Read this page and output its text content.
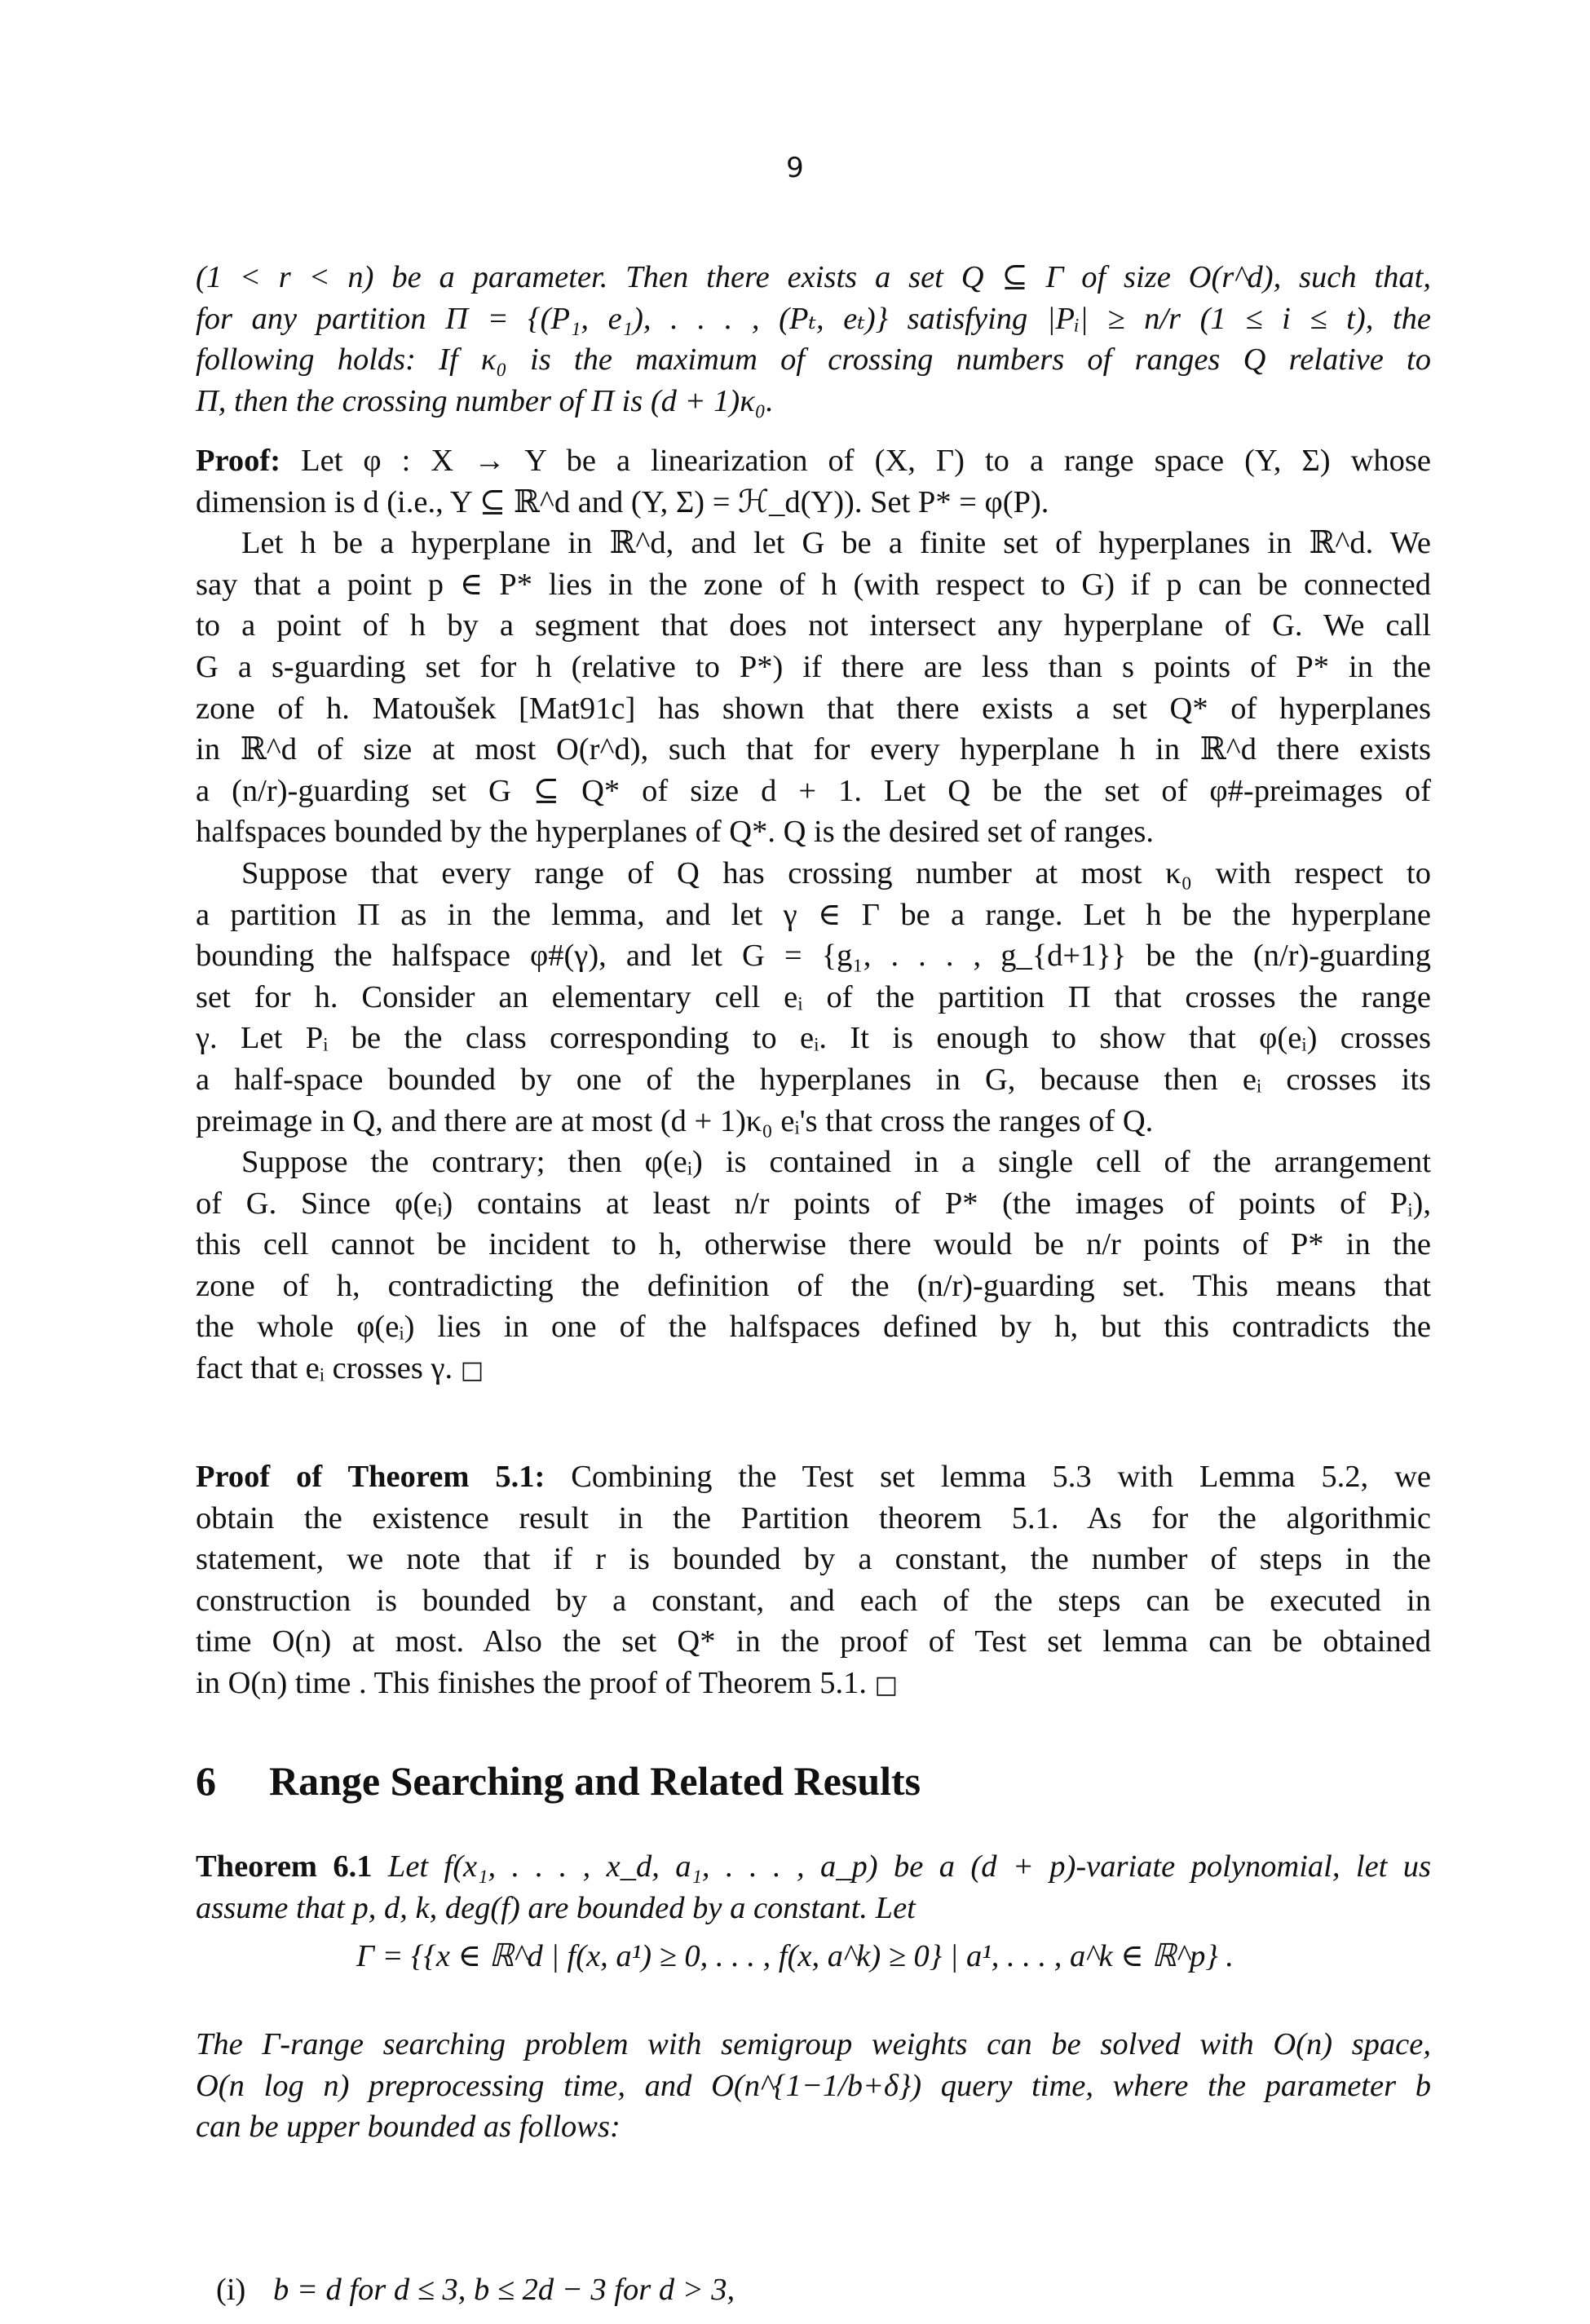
9
(1 < r < n) be a parameter. Then there exists a set Q ⊆ Γ of size O(r^d), such that,
for any partition Π = {(P₁, e₁), . . . , (Pₜ, eₜ)} satisfying |Pᵢ| ≥ n/r (1 ≤ i ≤ t), the
following holds: If κ₀ is the maximum of crossing numbers of ranges Q relative to
Π, then the crossing number of Π is (d + 1)κ₀.
Proof: Let φ : X → Y be a linearization of (X, Γ) to a range space (Y, Σ) whose
dimension is d (i.e., Y ⊆ ℝ^d and (Y, Σ) = ℋ_d(Y)). Set P* = φ(P).
Let h be a hyperplane in ℝ^d, and let G be a finite set of hyperplanes in ℝ^d. We
say that a point p ∈ P* lies in the zone of h (with respect to G) if p can be connected
to a point of h by a segment that does not intersect any hyperplane of G. We call
G a s-guarding set for h (relative to P*) if there are less than s points of P* in the
zone of h. Matoušek [Mat91c] has shown that there exists a set Q* of hyperplanes
in ℝ^d of size at most O(r^d), such that for every hyperplane h in ℝ^d there exists
a (n/r)-guarding set G ⊆ Q* of size d + 1. Let Q be the set of φ#-preimages of
halfspaces bounded by the hyperplanes of Q*. Q is the desired set of ranges.
Suppose that every range of Q has crossing number at most κ₀ with respect to
a partition Π as in the lemma, and let γ ∈ Γ be a range. Let h be the hyperplane
bounding the halfspace φ#(γ), and let G = {g₁, . . . , g_{d+1}} be the (n/r)-guarding
set for h. Consider an elementary cell eᵢ of the partition Π that crosses the range
γ. Let Pᵢ be the class corresponding to eᵢ. It is enough to show that φ(eᵢ) crosses
a half-space bounded by one of the hyperplanes in G, because then eᵢ crosses its
preimage in Q, and there are at most (d + 1)κ₀ eᵢ's that cross the ranges of Q.
Suppose the contrary; then φ(eᵢ) is contained in a single cell of the arrangement
of G. Since φ(eᵢ) contains at least n/r points of P* (the images of points of Pᵢ),
this cell cannot be incident to h, otherwise there would be n/r points of P* in the
zone of h, contradicting the definition of the (n/r)-guarding set. This means that
the whole φ(eᵢ) lies in one of the halfspaces defined by h, but this contradicts the
fact that eᵢ crosses γ. □
Proof of Theorem 5.1: Combining the Test set lemma 5.3 with Lemma 5.2, we
obtain the existence result in the Partition theorem 5.1. As for the algorithmic
statement, we note that if r is bounded by a constant, the number of steps in the
construction is bounded by a constant, and each of the steps can be executed in
time O(n) at most. Also the set Q* in the proof of Test set lemma can be obtained
in O(n) time . This finishes the proof of Theorem 5.1. □
6 Range Searching and Related Results
Theorem 6.1 Let f(x₁, . . . , x_d, a₁, . . . , a_p) be a (d + p)-variate polynomial, let us
assume that p, d, k, deg(f) are bounded by a constant. Let
Γ = {{x ∈ ℝ^d | f(x, a¹) ≥ 0, . . . , f(x, a^k) ≥ 0} | a¹, . . . , a^k ∈ ℝ^p} .
The Γ-range searching problem with semigroup weights can be solved with O(n) space,
O(n log n) preprocessing time, and O(n^{1−1/b+δ}) query time, where the parameter b
can be upper bounded as follows:
(i) b = d for d ≤ 3, b ≤ 2d − 3 for d > 3,
